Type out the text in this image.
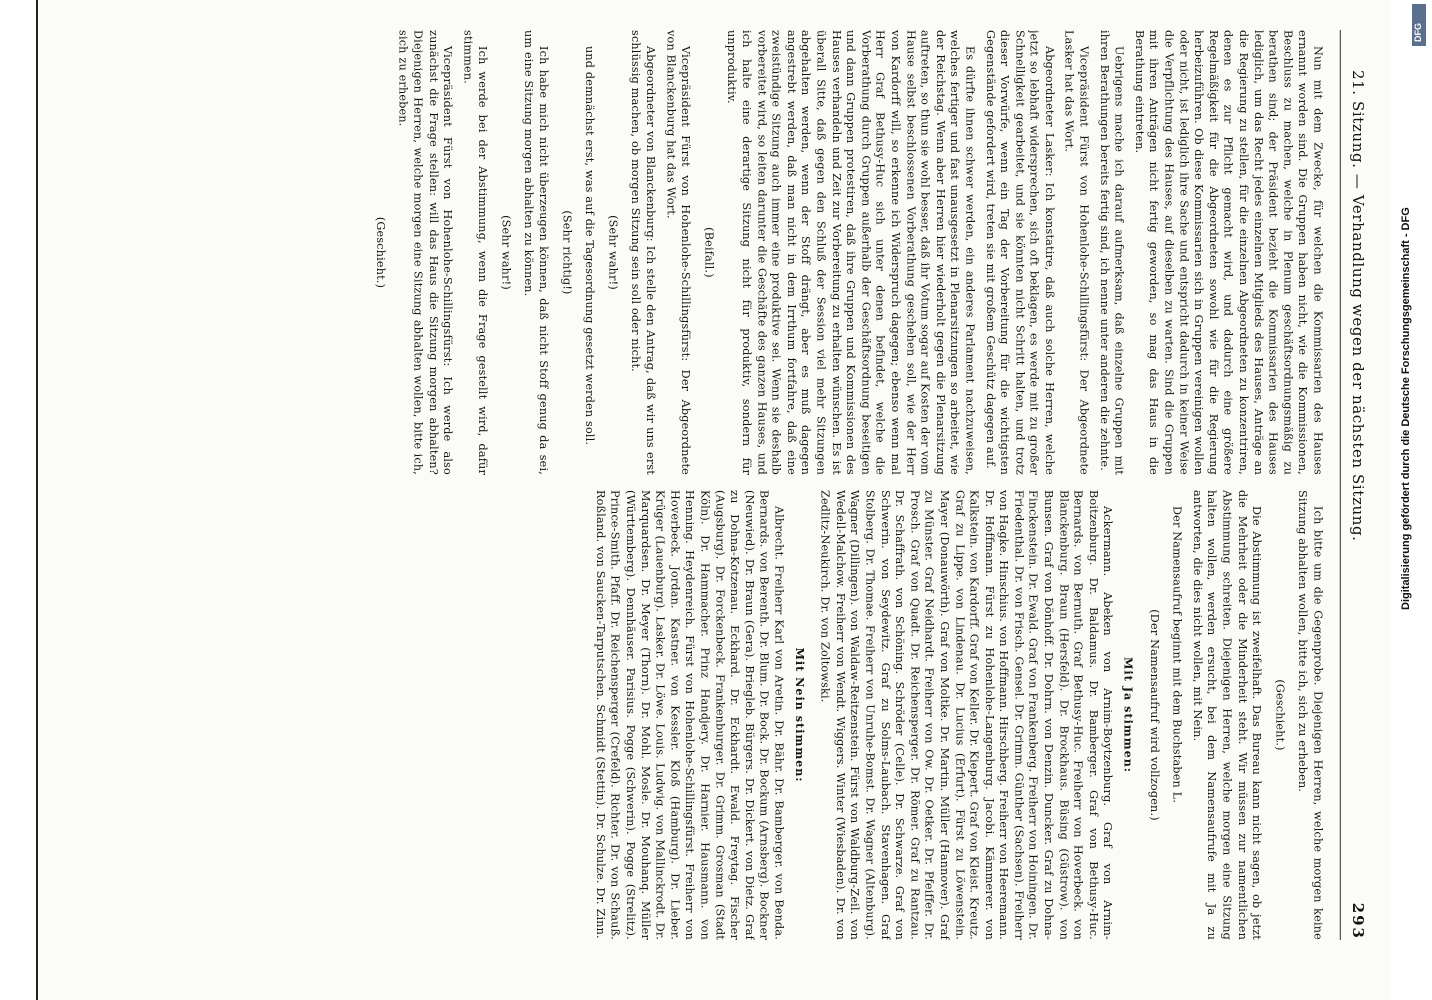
21. Sitzung. — Verhandlung wegen der nächsten Sitzung.
293

Nun mit dem Zwecke, für welchen die Kommissarien des Hauses ernannt worden sind. Die Gruppen haben nicht, wie die Kommissionen, Beschluss zu machen, welche in Plenum geschäftsordnungsmäßig zu berathen sind; der Präsident bezieht die Kommissarien des Hauses lediglich, um das Recht jedes einzelnen Mitglieds des Hauses, Anträge an die Regierung zu stellen, für die einzelnen Abgeordneten zu konzentriren, denen es zur Pflicht gemacht wird, und dadurch eine größere Regelmäßigkeit für die Abgeordneten sowohl wie für die Regierung herbeizuführen. Ob diese Kommissarien sich in Gruppen vereinigen wollen oder nicht, ist lediglich ihre Sache und entspricht dadurch in keiner Weise die Verpflichtung des Hauses, auf dieselben zu warten. Sind die Gruppen mit ihren Anträgen nicht fertig geworden, so mag das Haus in die Berathung eintreten.

Uebrigens mache ich darauf aufmerksam, daß einzelne Gruppen mit ihren Berathungen bereits fertig sind, ich nenne unter anderen die zehnte.

Vicepräsident Fürst von Hohenlohe-Schillingsfürst: Der Abgeordnete Lasker hat das Wort.

Abgeordneter Lasker: Ich konstatire, daß auch solche Herren, welche jetzt so lebhaft widersprechen, sich oft beklagen, es werde mit zu großer Schnelligkeit gearbeitet, und sie könnten nicht Schritt halten, und trotz dieser Vorwürfe, wenn ein Tag der Vorbereitung für die wichtigsten Gegenstände gefordert wird, treten sie mit großem Geschütz dagegen auf.

Es dürfte ihnen schwer werden, ein anderes Parlament nachzuweisen, welches fertiger und fast unausgesetzt in Plenarsitzungen so arbeitet, wie der Reichstag. Wenn aber Herren hier wiederholt gegen die Plenarsitzung auftreten, so thun sie wohl besser, daß ihr Votum sogar auf Kosten der vom Hause selbst beschlossenen Vorberathung geschehen soll, wie der Herr von Kardorff will, so erkenne ich Widerspruch dagegen; ebenso wenn mal Herr Graf Bethusy-Huc sich unter denen befindet, welche die Vorberathung durch Gruppen außerhalb der Geschäftsordnung beseitigen und dann Gruppen protestiren, daß ihre Gruppen und Kommissionen des Hauses verhandeln und Zeit zur Vorbereitung zu erhalten wünschen. Es ist überall Sitte, daß gegen den Schluß der Session viel mehr Sitzungen abgehalten werden, wenn der Stoff drängt, aber es muß dagegen angestrebt werden, daß man nicht in dem Irrthum fortfahre, daß eine zweistündige Sitzung auch immer eine produktive sei. Wenn sie deshalb vorbereitet wird, so leiten darunter die Geschäfte des ganzen Hauses, und ich halte eine derartige Sitzung nicht für produktiv, sondern für unproduktiv.

(Beifall.)

Vicepräsident Fürst von Hohenlohe-Schillingsfürst: Der Abgeordnete von Blanckenburg hat das Wort.

Abgeordneter von Blanckenburg: Ich stelle den Antrag, daß wir uns erst schlüssig machen, ob morgen Sitzung sein soll oder nicht.

(Sehr wahr!)

und demnächst erst, was auf die Tagesordnung gesetzt werden soll.

(Sehr richtig!)

Ich habe mich nicht überzeugen können, daß nicht Stoff genug da sei, um eine Sitzung morgen abhalten zu können.

(Sehr wahr!)

Ich werde bei der Abstimmung, wenn die Frage gestellt wird, dafür stimmen.

Vicepräsident Fürst von Hohenlohe-Schillingsfürst: Ich werde also zunächst die Frage stellen: will das Haus die Sitzung morgen abhalten? Diejenigen Herren, welche morgen eine Sitzung abhalten wollen, bitte ich, sich zu erheben.

(Geschieht.)

Ich bitte um die Gegenprobe. Diejenigen Herren, welche morgen keine Sitzung abhalten wollen, bitte ich, sich zu erheben.

(Geschieht.)

Die Abstimmung ist zweifelhaft. Das Bureau kann nicht sagen, ob jetzt die Mehrheit oder die Minderheit steht. Wir müssen zur namentlichen Abstimmung schreiten. Diejenigen Herren, welche morgen eine Sitzung halten wollen, werden ersucht, bei dem Namensaufrufe mit Ja zu antworten, die dies nicht wollen, mit Nein.

Der Namensaufruf beginnt mit dem Buchstaben L.

(Der Namensaufruf wird vollzogen.)

Mit Ja stimmen:

Ackermann. Abeken von Arnim-Boytzenburg. Graf von Arnim-Boitzenburg. Dr. Baldamus. Dr. Bamberger. Graf von Bethusy-Huc. Bernards. von Bernuth. Graf Bethusy-Huc. Freiherr von Hoverbeck. von Blanckenburg. Braun (Hersfeld). Dr. Brockhaus. Büsing (Güstrow). von Bunsen. Graf von Dönhoff. Dr. Dohrn. von Denzin. Duncker. Graf zu Dohna-Finckenstein. Dr. Ewald. Graf von Frankenberg. Freiherr von Hoiningen. Dr. Friedenthal. Dr. von Frisch. Gensel. Dr. Grimm. Günther (Sachsen). Freiherr von Hagke. Hinschius. von Hoffmann. Hirschberg. Freiherr von Heeremann. Dr. Hoffmann. Fürst zu Hohenlohe-Langenburg. Jacobi. Kämmerer. von Kalkstein. von Kardorff. Graf von Keller. Dr. Kiepert. Graf von Kleist. Kreutz. Graf zu Lippe. von Lindenau. Dr. Lucius (Erfurt). Fürst zu Löwenstein. Mayer (Donauwörth). Graf von Moltke. Dr. Martin. Müller (Hannover). Graf zu Münster. Graf Neidhardt. Freiherr von Ow. Dr. Oetker. Dr. Pfeiffer. Dr. Prosch. Graf von Quadt. Dr. Reichensperger. Dr. Römer. Graf zu Rantzau. Dr. Schaffrath. von Schöning. Schröder (Celle). Dr. Schwarze. Graf von Schwerin. von Seydewitz. Graf zu Solms-Laubach. Stavenhagen. Graf Stolberg. Dr. Thomae. Freiherr von Unruhe-Bomst. Dr. Wagner (Altenburg). Wagner (Dillingen). von Waldaw-Reitzenstein. Fürst von Waldburg-Zeil. von Wedell-Malchow. Freiherr von Wendt. Wiggers. Winter (Wiesbaden). Dr. von Zedlitz-Neukirch. Dr. von Zoltowski.

Mit Nein stimmen:

Albrecht. Freiherr Karl von Aretin. Dr. Bähr. Dr. Bamberger. von Benda. Bernards. von Berenth. Dr. Blum. Dr. Bock. Dr. Bockum (Arnsberg). Bockner (Neuwied). Dr. Braun (Gera). Briegleb. Bürgers. Dr. Dickert. von Dietz. Graf zu Dohna-Kotzenau. Eckhard. Dr. Eckhardt. Ewald. Freytag. Fischer (Augsburg). Dr. Forckenbeck. Frankenburger. Dr. Grimm. Grosman (Stadt Köln). Dr. Hammacher. Prinz Handjery. Dr. Harnier. Hausmann. von Henning. Heydenreich. Fürst von Hohenlohe-Schillingsfürst. Freiherr von Hoverbeck. Jordan. Kastner. von Kessler. Kloß (Hamburg). Dr. Lieber. Krüger (Lauenburg). Lasker. Dr. Löwe. Louis. Ludwig. von Mallinckrodt. Dr. Marquardsen. Dr. Meyer (Thorn). Dr. Mohl. Mosle. Dr. Mouhanq. Müller (Württemberg). Dennhäuser. Parisius. Pogge (Schwerin). Pogge (Strelitz). Prince-Smith. Pfaff. Dr. Reichensperger (Crefeld). Richter. Dr. von Schauß. Roßland. von Saucken-Tarputschen. Schmidt (Stettin). Dr. Schulze. Dr. Zinn.

DFG
Digitalisierung gefördert durch die Deutsche Forschungsgemeinschaft - DFG
